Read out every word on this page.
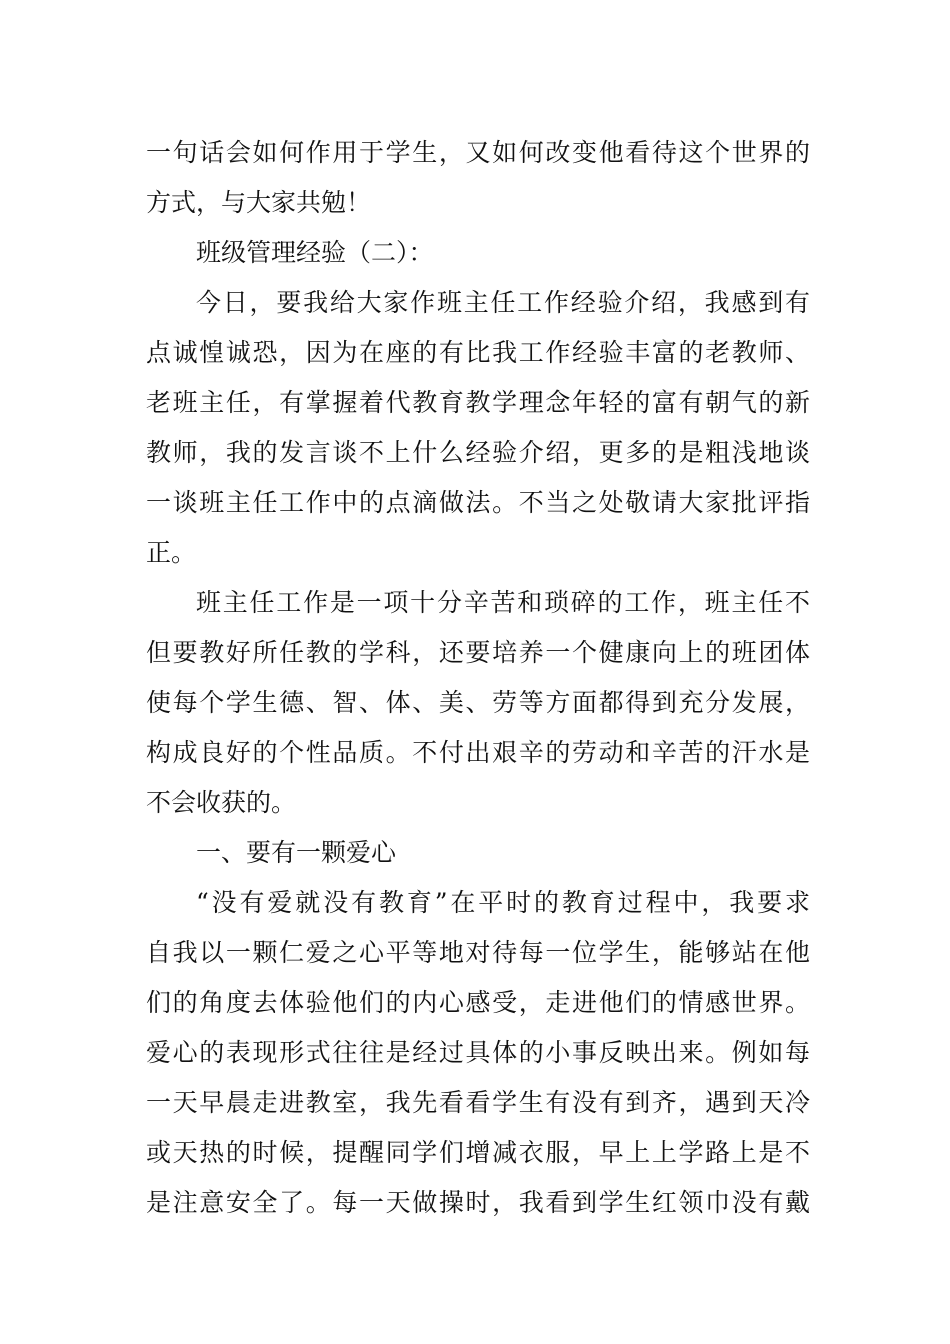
一句话会如何作用于学生，又如何改变他看待这个世界的
方式，与大家共勉！
班级管理经验（二）：
今日，要我给大家作班主任工作经验介绍，我感到有
点诚惶诚恐，因为在座的有比我工作经验丰富的老教师、
老班主任，有掌握着代教育教学理念年轻的富有朝气的新
教师，我的发言谈不上什么经验介绍，更多的是粗浅地谈
一谈班主任工作中的点滴做法。不当之处敬请大家批评指
正。
班主任工作是一项十分辛苦和琐碎的工作，班主任不
但要教好所任教的学科，还要培养一个健康向上的班团体
使每个学生德、智、体、美、劳等方面都得到充分发展，
构成良好的个性品质。不付出艰辛的劳动和辛苦的汗水是
不会收获的。
一、要有一颗爱心
“没有爱就没有教育”在平时的教育过程中，我要求
自我以一颗仁爱之心平等地对待每一位学生，能够站在他
们的角度去体验他们的内心感受，走进他们的情感世界。
爱心的表现形式往往是经过具体的小事反映出来。例如每
一天早晨走进教室，我先看看学生有没有到齐，遇到天冷
或天热的时候，提醒同学们增减衣服，早上上学路上是不
是注意安全了。每一天做操时，我看到学生红领巾没有戴
